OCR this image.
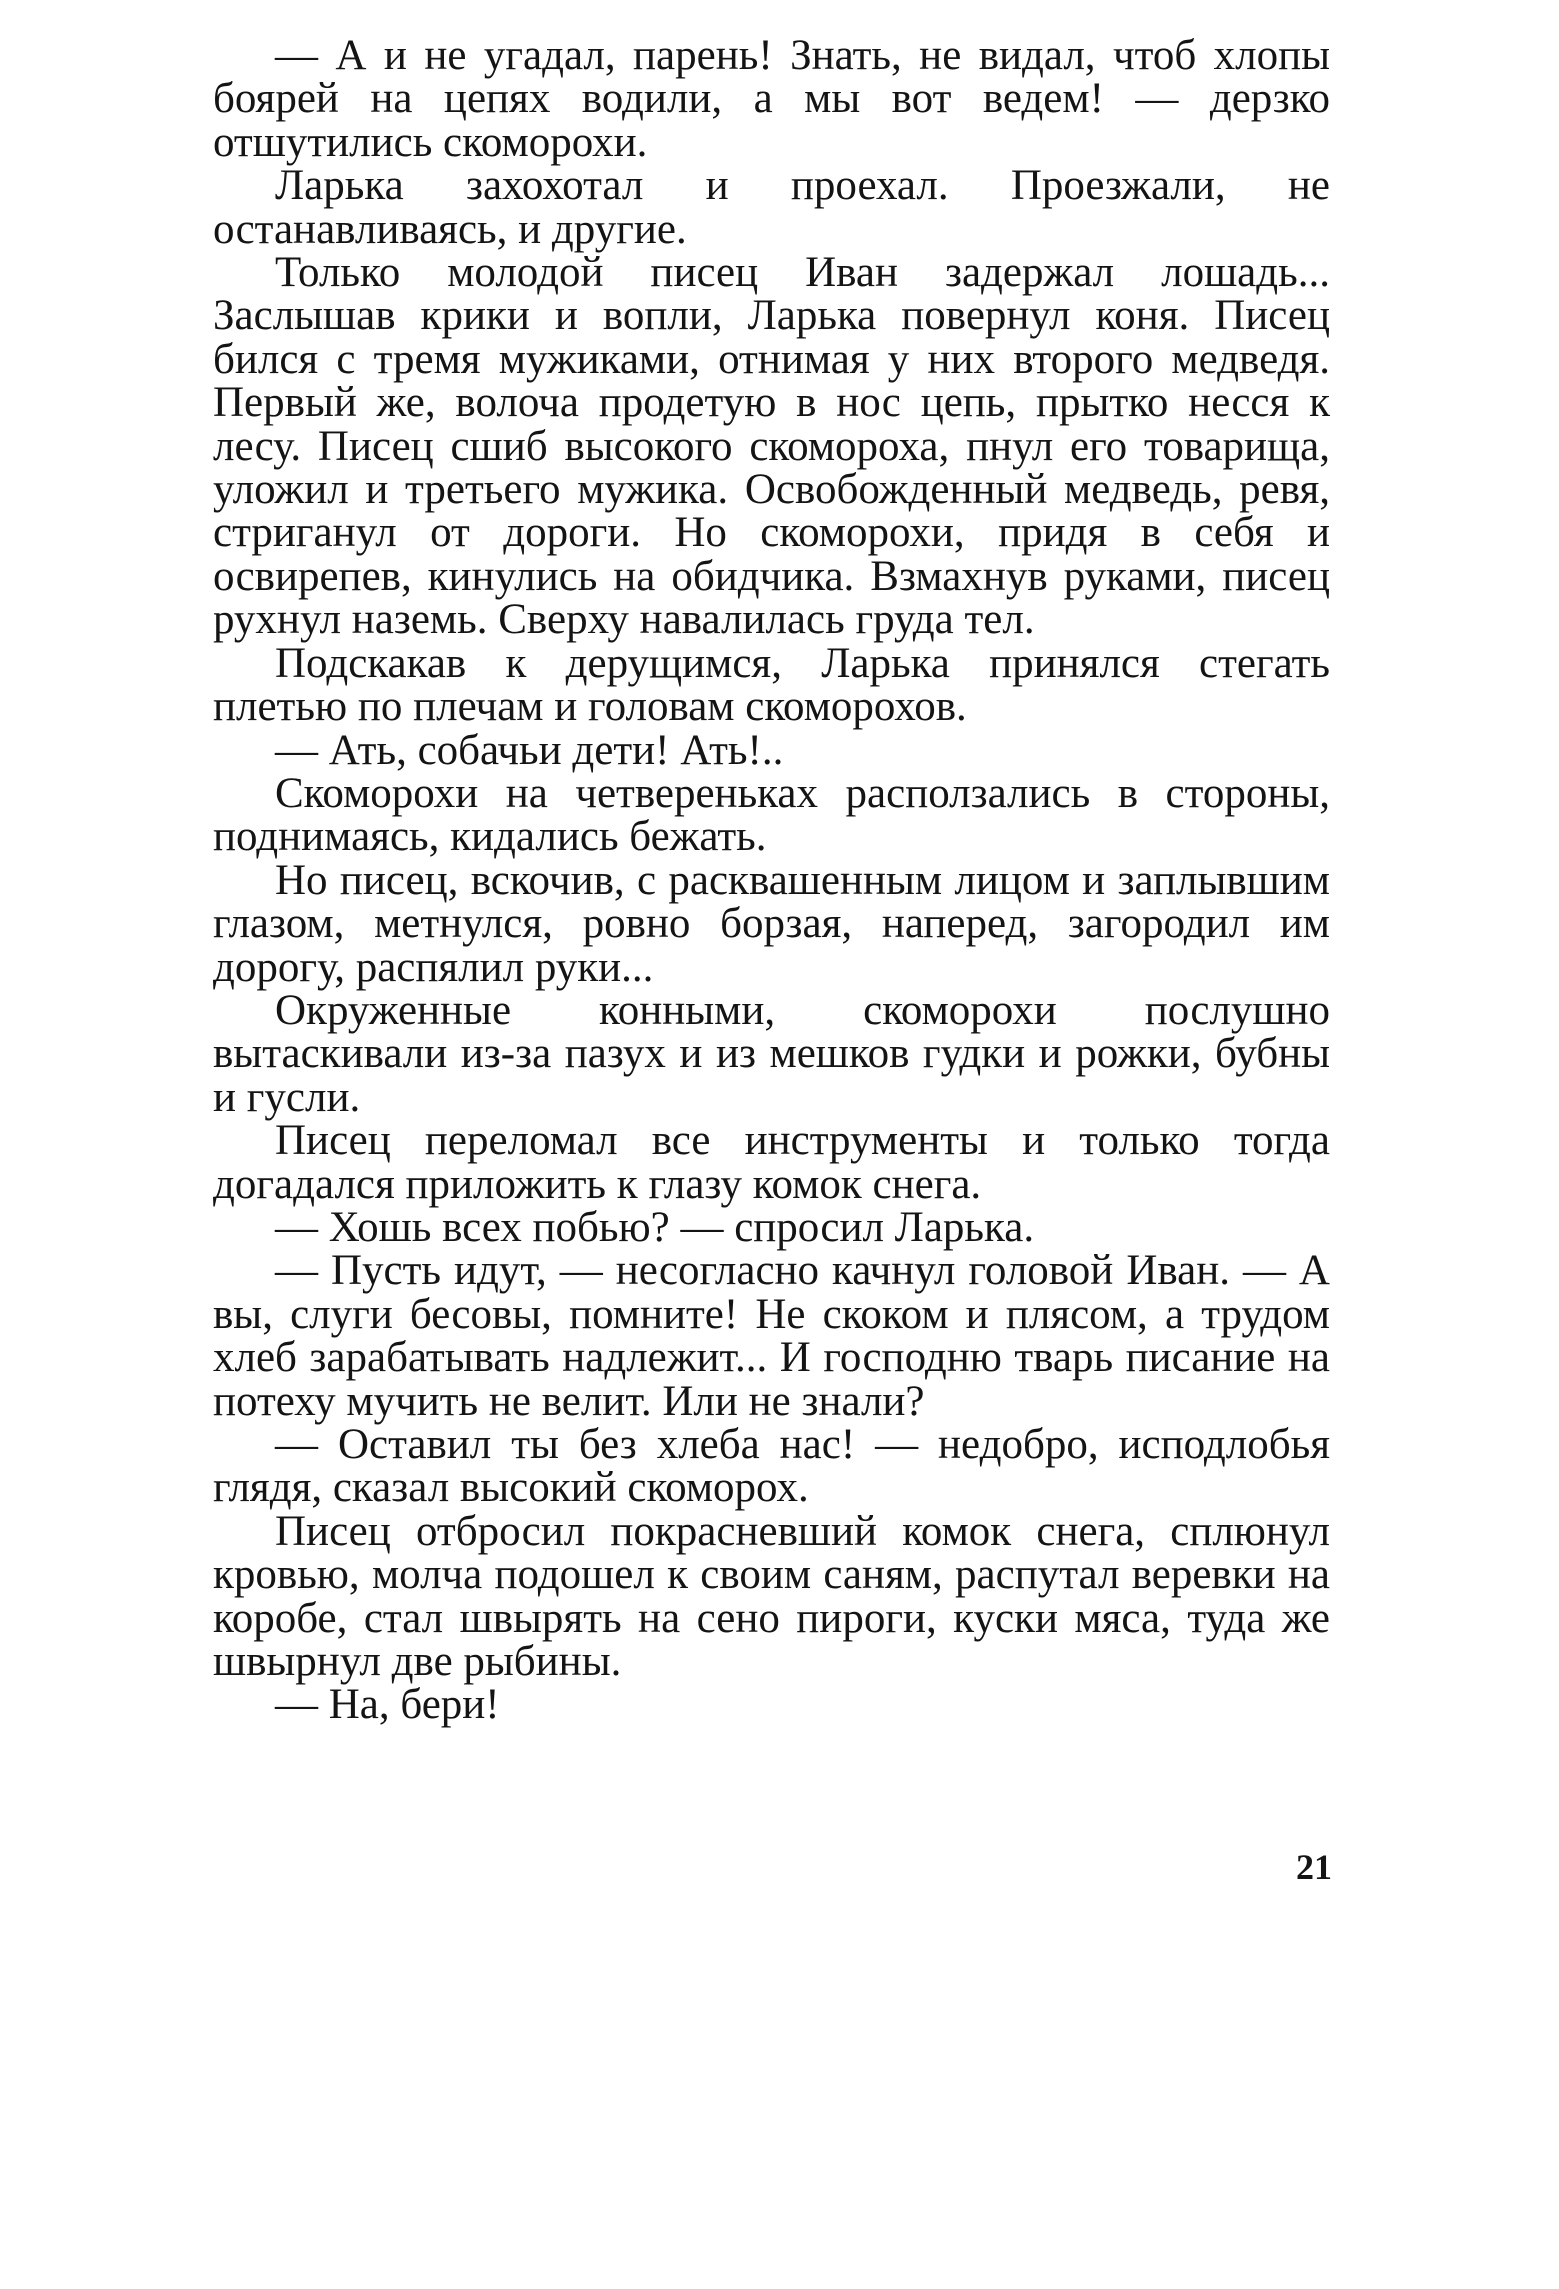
— А и не угадал, парень! Знать, не видал, чтоб хлопы боярей на цепях водили, а мы вот ведем! — дерзко отшутились скоморохи.

Ларька захохотал и проехал. Проезжали, не останавливаясь, и другие.

Только молодой писец Иван задержал лошадь... Заслышав крики и вопли, Ларька повернул коня. Писец бился с тремя мужиками, отнимая у них второго медведя. Первый же, волоча продетую в нос цепь, прытко несся к лесу. Писец сшиб высокого скомороха, пнул его товарища, уложил и третьего мужика. Освобожденный медведь, ревя, стриганул от дороги. Но скоморохи, придя в себя и освирепев, кинулись на обидчика. Взмахнув руками, писец рухнул наземь. Сверху навалилась груда тел.

Подскакав к дерущимся, Ларька принялся стегать плетью по плечам и головам скоморохов.

— Ать, собачьи дети! Ать!..

Скоморохи на четвереньках расползались в стороны, поднимаясь, кидались бежать.

Но писец, вскочив, с расквашенным лицом и заплывшим глазом, метнулся, ровно борзая, наперед, загородил им дорогу, распялил руки...

Окруженные конными, скоморохи послушно вытаскивали из-за пазух и из мешков гудки и рожки, бубны и гусли.

Писец переломал все инструменты и только тогда догадался приложить к глазу комок снега.

— Хошь всех побью? — спросил Ларька.

— Пусть идут, — несогласно качнул головой Иван. — А вы, слуги бесовы, помните! Не скоком и плясом, а трудом хлеб зарабатывать надлежит... И господню тварь писание на потеху мучить не велит. Или не знали?

— Оставил ты без хлеба нас! — недобро, исподлобья глядя, сказал высокий скоморох.

Писец отбросил покрасневший комок снега, сплюнул кровью, молча подошел к своим саням, распутал веревки на коробе, стал швырять на сено пироги, куски мяса, туда же швырнул две рыбины.

— На, бери!

21
